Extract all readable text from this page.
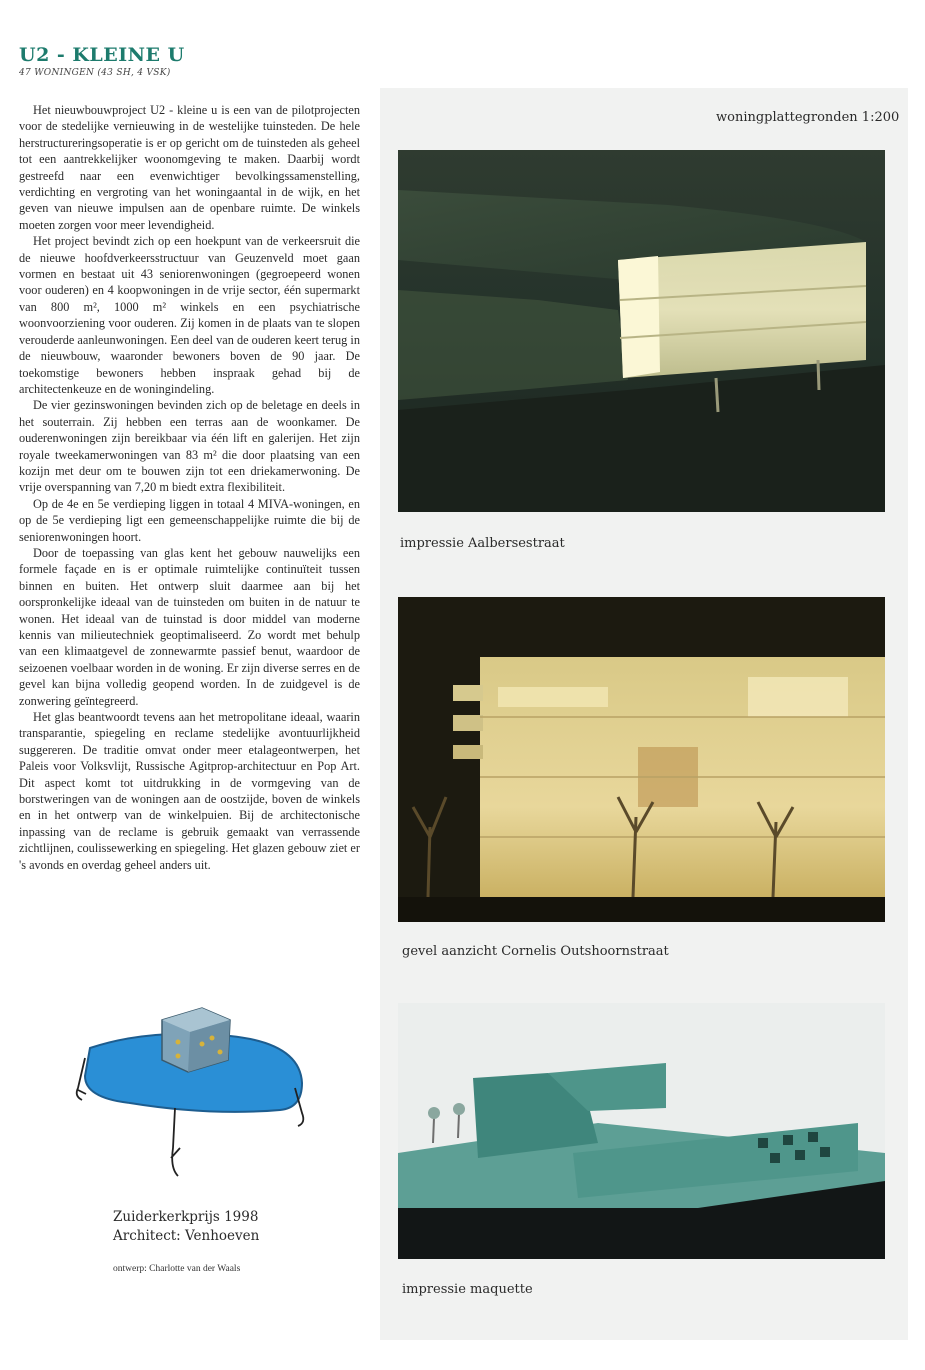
U2 - KLEINE U
47 WONINGEN (43 SH, 4 VSK)

Het nieuwbouwproject U2 - kleine u is een van de pilotprojecten voor de stedelijke vernieuwing in de westelijke tuinsteden. De hele herstructureringsoperatie is er op gericht om de tuinsteden als geheel tot een aantrekkelijker woonomgeving te maken. Daarbij wordt gestreefd naar een evenwichtiger bevolkingssamenstelling, verdichting en vergroting van het woningaantal in de wijk, en het geven van nieuwe impulsen aan de openbare ruimte. De winkels moeten zorgen voor meer levendigheid.

Het project bevindt zich op een hoekpunt van de verkeersruit die de nieuwe hoofdverkeersstructuur van Geuzenveld moet gaan vormen en bestaat uit 43 seniorenwoningen (gegroepeerd wonen voor ouderen) en 4 koopwoningen in de vrije sector, één supermarkt van 800 m², 1000 m² winkels en een psychiatrische woonvoorziening voor ouderen. Zij komen in de plaats van te slopen verouderde aanleunwoningen. Een deel van de ouderen keert terug in de nieuwbouw, waaronder bewoners boven de 90 jaar. De toekomstige bewoners hebben inspraak gehad bij de architectenkeuze en de woningindeling.

De vier gezinswoningen bevinden zich op de beletage en deels in het souterrain. Zij hebben een terras aan de woonkamer. De ouderenwoningen zijn bereikbaar via één lift en galerijen. Het zijn royale tweekamerwoningen van 83 m² die door plaatsing van een kozijn met deur om te bouwen zijn tot een driekamerwoning. De vrije overspanning van 7,20 m biedt extra flexibiliteit.

Op de 4e en 5e verdieping liggen in totaal 4 MIVA-woningen, en op de 5e verdieping ligt een gemeenschappelijke ruimte die bij de seniorenwoningen hoort.

Door de toepassing van glas kent het gebouw nauwelijks een formele façade en is er optimale ruimtelijke continuïteit tussen binnen en buiten. Het ontwerp sluit daarmee aan bij het oorspronkelijke ideaal van de tuinsteden om buiten in de natuur te wonen. Het ideaal van de tuinstad is door middel van moderne kennis van milieutechniek geoptimaliseerd. Zo wordt met behulp van een klimaatgevel de zonnewarmte passief benut, waardoor de seizoenen voelbaar worden in de woning. Er zijn diverse serres en de gevel kan bijna volledig geopend worden. In de zuidgevel is de zonwering geïntegreerd.

Het glas beantwoordt tevens aan het metropolitane ideaal, waarin transparantie, spiegeling en reclame stedelijke avontuurlijkheid suggereren. De traditie omvat onder meer etalageontwerpen, het Paleis voor Volksvlijt, Russische Agitprop-architectuur en Pop Art. Dit aspect komt tot uitdrukking in de vormgeving van de borstweringen van de woningen aan de oostzijde, boven de winkels en in het ontwerp van de winkelpuien. Bij de architectonische inpassing van de reclame is gebruik gemaakt van verrassende zichtlijnen, coulissewerking en spiegeling. Het glazen gebouw ziet er 's avonds en overdag geheel anders uit.

woningplattegronden 1:200
impressie Aalbersestraat
gevel aanzicht Cornelis Outshoornstraat
impressie maquette
Zuiderkerkprijs 1998
Architect: Venhoeven
ontwerp: Charlotte van der Waals
